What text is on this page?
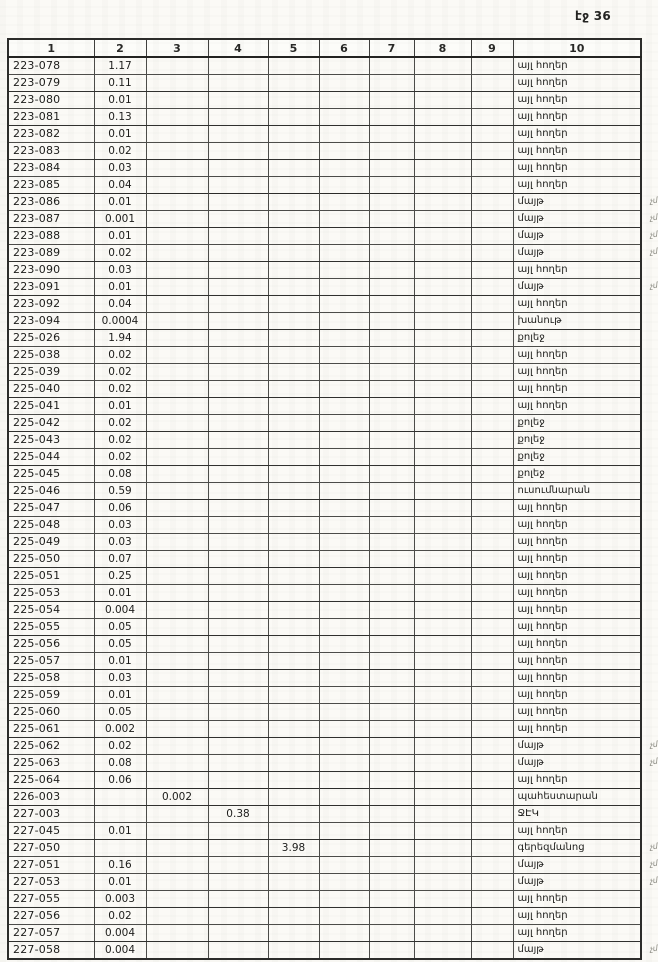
էջ 36
1	2	3	4	5	6	7	8	9	10
223-078	1.17								այլ հողեր
223-079	0.11								այլ հողեր
223-080	0.01								այլ հողեր
223-081	0.13								այլ հողեր
223-082	0.01								այլ հողեր
223-083	0.02								այլ հողեր
223-084	0.03								այլ հողեր
223-085	0.04								այլ հողեր
223-086	0.01								մայթ չմ

223-087	0.001								մայթ չմ

223-088	0.01								մայթ չմ

223-089	0.02								մայթ չմ

223-090	0.03								այլ հողեր
223-091	0.01								մայթ չմ

223-092	0.04								այլ հողեր
223-094	0.0004								խանութ
225-026	1.94								քոլեջ
225-038	0.02								այլ հողեր
225-039	0.02								այլ հողեր
225-040	0.02								այլ հողեր
225-041	0.01								այլ հողեր
225-042	0.02								քոլեջ
225-043	0.02								քոլեջ
225-044	0.02								քոլեջ
225-045	0.08								քոլեջ
225-046	0.59								ուսումնարան
225-047	0.06								այլ հողեր
225-048	0.03								այլ հողեր
225-049	0.03								այլ հողեր
225-050	0.07								այլ հողեր
225-051	0.25								այլ հողեր
225-053	0.01								այլ հողեր
225-054	0.004								այլ հողեր
225-055	0.05								այլ հողեր
225-056	0.05								այլ հողեր
225-057	0.01								այլ հողեր
225-058	0.03								այլ հողեր
225-059	0.01								այլ հողեր
225-060	0.05								այլ հողեր
225-061	0.002								այլ հողեր
225-062	0.02								մայթ չմ

225-063	0.08								մայթ չմ

225-064	0.06								այլ հողեր
226-003		0.002							պահեստարան
227-003			0.38						ՋԷԿ
227-045	0.01								այլ հողեր
227-050				3.98					գերեզմանոց չմ

227-051	0.16								մայթ չմ

227-053	0.01								մայթ չմ

227-055	0.003								այլ հողեր
227-056	0.02								այլ հողեր
227-057	0.004								այլ հողեր
227-058	0.004								մայթ չմ
